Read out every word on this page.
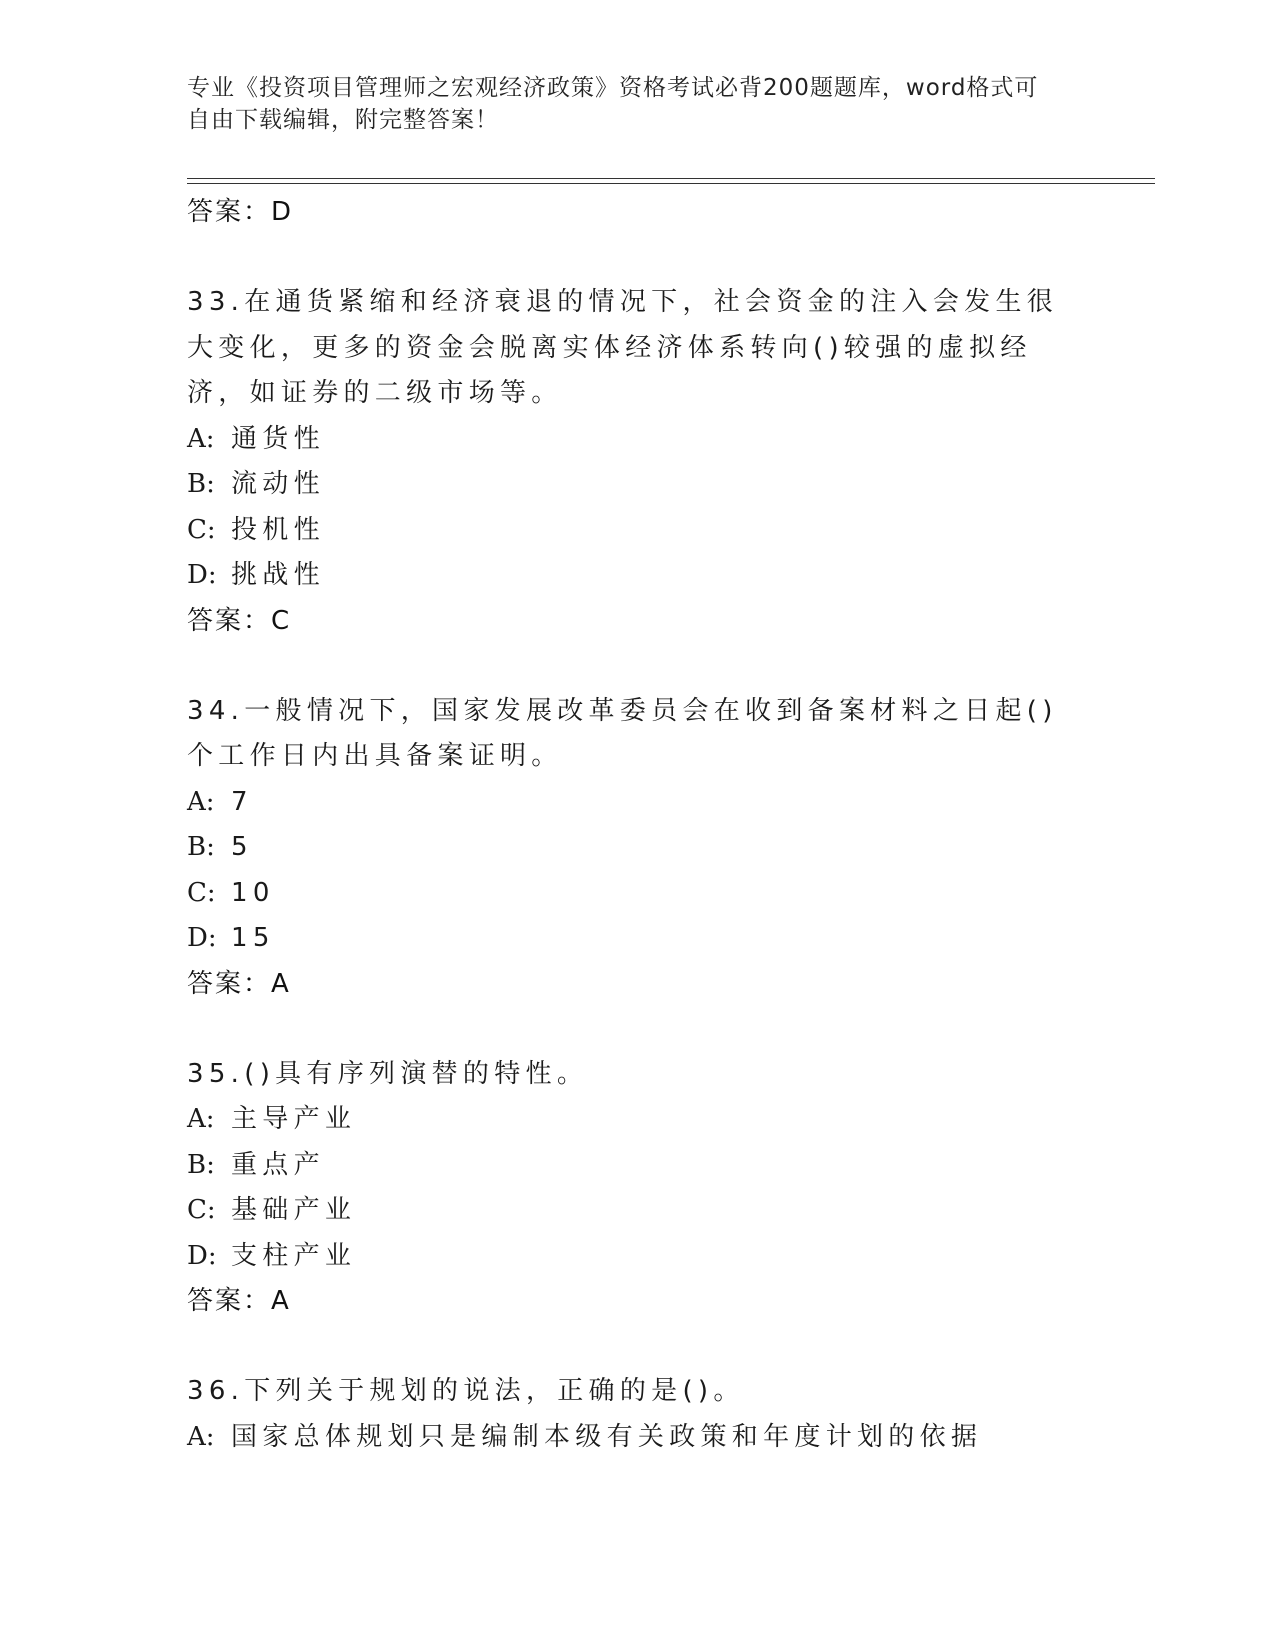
专业《投资项目管理师之宏观经济政策》资格考试必背200题题库，word格式可
自由下载编辑，附完整答案！
答案：D
33.在通货紧缩和经济衰退的情况下，社会资金的注入会发生很大变化，更多的资金会脱离实体经济体系转向()较强的虚拟经济，如证券的二级市场等。
A: 通货性
B: 流动性
C: 投机性
D: 挑战性
答案：C
34.一般情况下，国家发展改革委员会在收到备案材料之日起()个工作日内出具备案证明。
A: 7
B: 5
C: 10
D: 15
答案：A
35.()具有序列演替的特性。
A: 主导产业
B: 重点产
C: 基础产业
D: 支柱产业
答案：A
36.下列关于规划的说法，正确的是()。
A: 国家总体规划只是编制本级有关政策和年度计划的依据
